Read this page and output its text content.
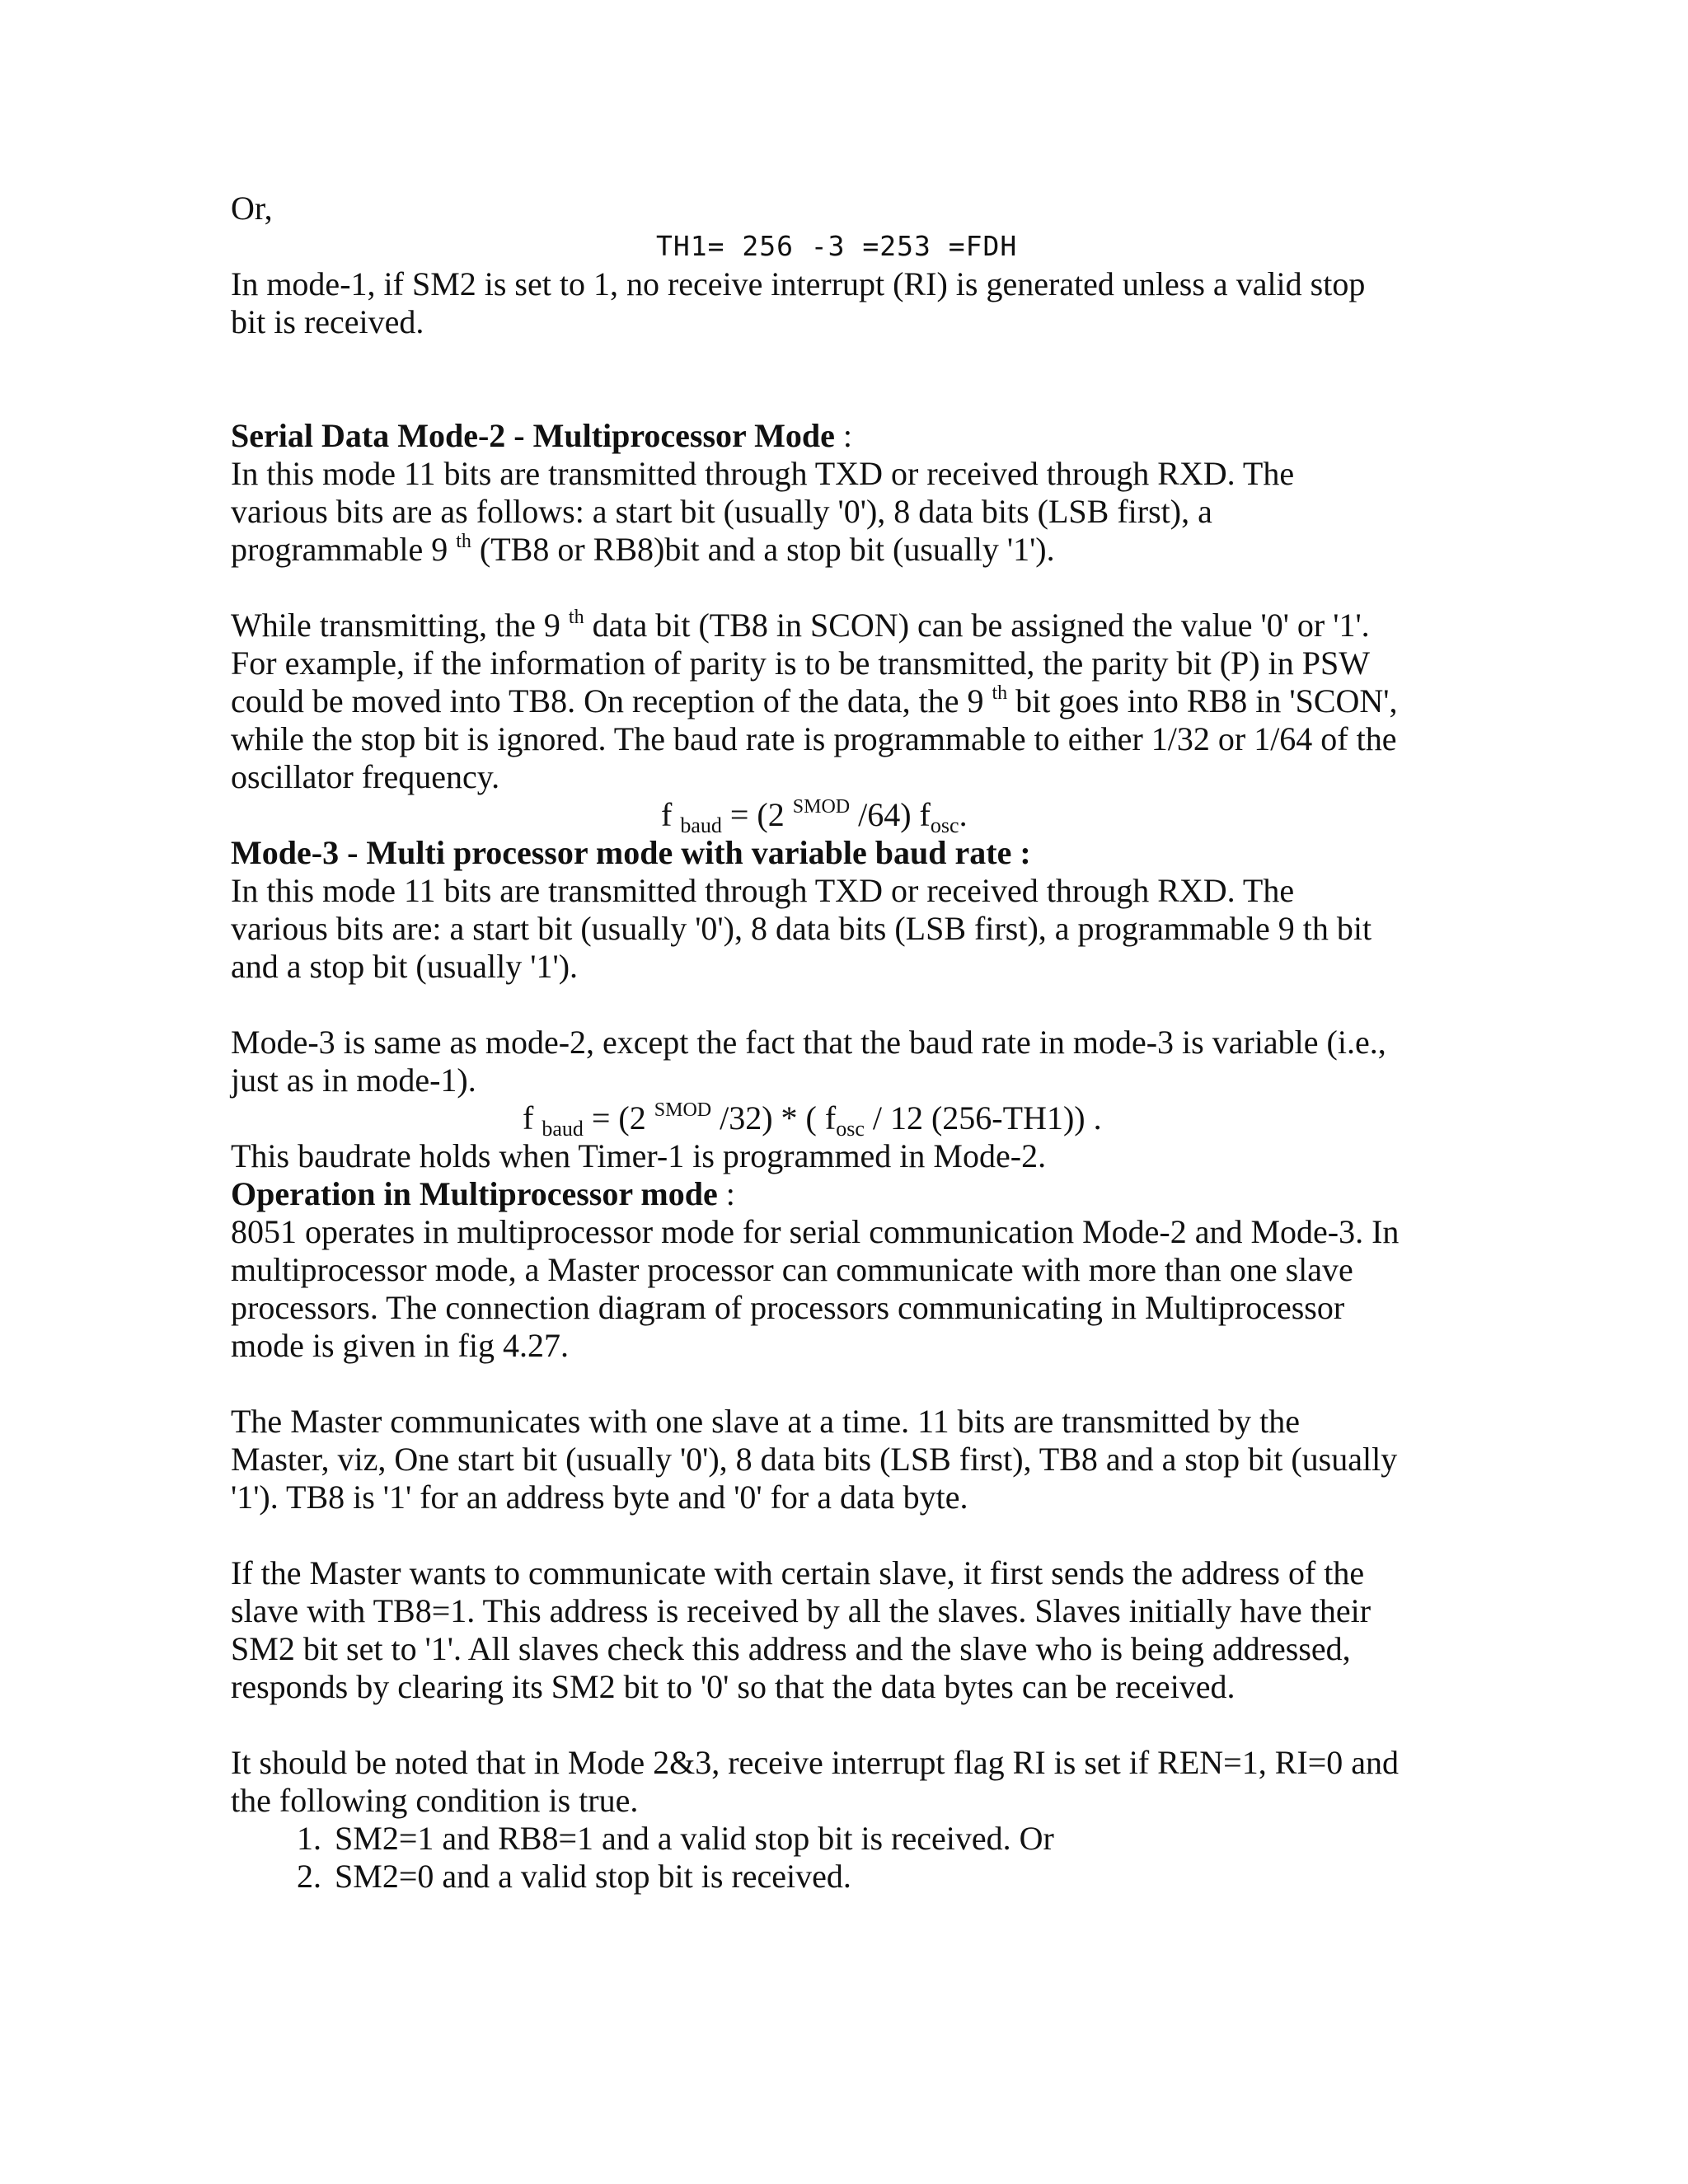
Or,
TH1= 256 -3 =253 =FDH
In mode-1, if SM2 is set to 1, no receive interrupt (RI) is generated unless a valid stop
bit is received.
Serial Data Mode-2 - Multiprocessor Mode :
In this mode 11 bits are transmitted through TXD or received through RXD. The
various bits are as follows: a start bit (usually '0'), 8 data bits (LSB first), a
programmable 9 $^{th}$ (TB8 or RB8)bit and a stop bit (usually '1').
While transmitting, the 9 $^{th}$ data bit (TB8 in SCON) can be assigned the value '0' or '1'.
For example, if the information of parity is to be transmitted, the parity bit (P) in PSW
could be moved into TB8. On reception of the data, the 9 $^{th}$ bit goes into RB8 in 'SCON',
while the stop bit is ignored. The baud rate is programmable to either 1/32 or 1/64 of the
oscillator frequency.
f $_{baud}$ = (2 $^{SMOD}$ /64) $f_{osc}$.
Mode-3 - Multi processor mode with variable baud rate :
In this mode 11 bits are transmitted through TXD or received through RXD. The
various bits are: a start bit (usually '0'), 8 data bits (LSB first), a programmable 9 th bit
and a stop bit (usually '1').
Mode-3 is same as mode-2, except the fact that the baud rate in mode-3 is variable (i.e.,
just as in mode-1).
f $_{baud}$ = (2 $^{SMOD}$ /32) * ( $f_{osc} / 12$ (256-TH1)) .
This baudrate holds when Timer-1 is programmed in Mode-2.
Operation in Multiprocessor mode :
8051 operates in multiprocessor mode for serial communication Mode-2 and Mode-3. In
multiprocessor mode, a Master processor can communicate with more than one slave
processors. The connection diagram of processors communicating in Multiprocessor
mode is given in fig 4.27.
The Master communicates with one slave at a time. 11 bits are transmitted by the
Master, viz, One start bit (usually '0'), 8 data bits (LSB first), TB8 and a stop bit (usually
'1'). TB8 is '1' for an address byte and '0' for a data byte.
If the Master wants to communicate with certain slave, it first sends the address of the
slave with TB8=1. This address is received by all the slaves. Slaves initially have their
SM2 bit set to '1'. All slaves check this address and the slave who is being addressed,
responds by clearing its SM2 bit to '0' so that the data bytes can be received.
It should be noted that in Mode 2&3, receive interrupt flag RI is set if REN=1, RI=0 and
the following condition is true.
1. SM2=1 and RB8=1 and a valid stop bit is received. Or
2. SM2=0 and a valid stop bit is received.
